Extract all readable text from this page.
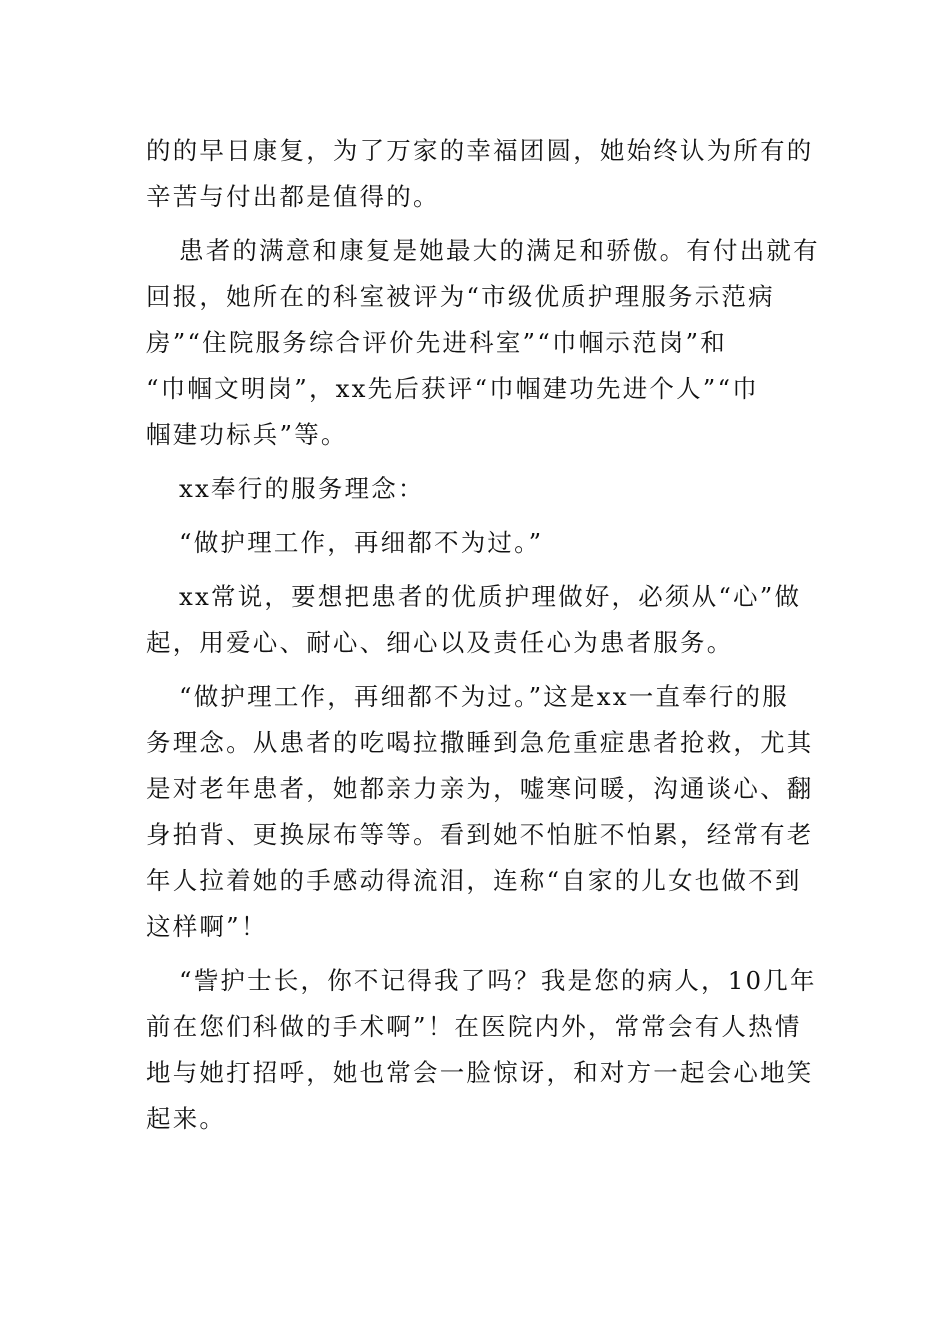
的的早日康复，为了万家的幸福团圆，她始终认为所有的
辛苦与付出都是值得的。

患者的满意和康复是她最大的满足和骄傲。有付出就有
回报，她所在的科室被评为“市级优质护理服务示范病
房”“住院服务综合评价先进科室”“巾帼示范岗”和
“巾帼文明岗”，xx先后获评“巾帼建功先进个人”“巾
帼建功标兵”等。

xx奉行的服务理念：

“做护理工作，再细都不为过。”

xx常说，要想把患者的优质护理做好，必须从“心”做
起，用爱心、耐心、细心以及责任心为患者服务。

“做护理工作，再细都不为过。”这是xx一直奉行的服
务理念。从患者的吃喝拉撒睡到急危重症患者抢救，尤其
是对老年患者，她都亲力亲为，嘘寒问暖，沟通谈心、翻
身拍背、更换尿布等等。看到她不怕脏不怕累，经常有老
年人拉着她的手感动得流泪，连称“自家的儿女也做不到
这样啊”！

“訾护士长，你不记得我了吗？我是您的病人，10几年
前在您们科做的手术啊”！在医院内外，常常会有人热情
地与她打招呼，她也常会一脸惊讶，和对方一起会心地笑
起来。
